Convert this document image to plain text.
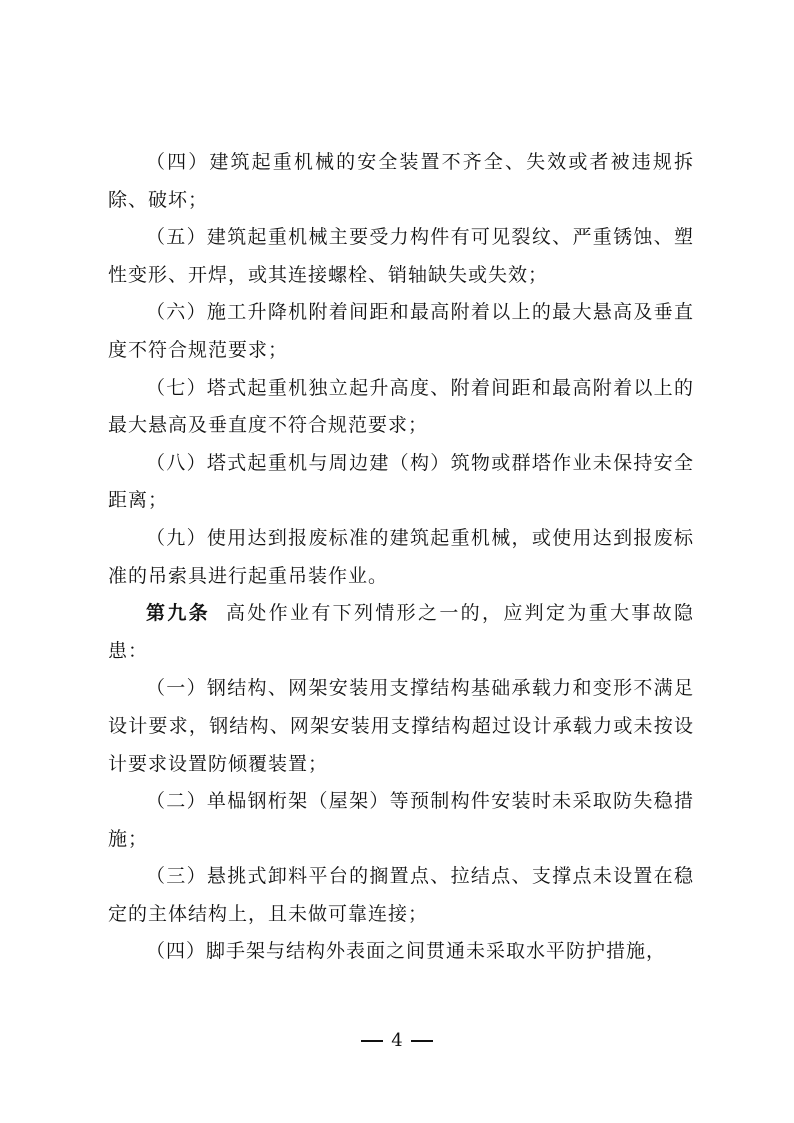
（四）建筑起重机械的安全装置不齐全、失效或者被违规拆除、破坏；

（五）建筑起重机械主要受力构件有可见裂纹、严重锈蚀、塑性变形、开焊，或其连接螺栓、销轴缺失或失效；

（六）施工升降机附着间距和最高附着以上的最大悬高及垂直度不符合规范要求；

（七）塔式起重机独立起升高度、附着间距和最高附着以上的最大悬高及垂直度不符合规范要求；

（八）塔式起重机与周边建（构）筑物或群塔作业未保持安全距离；

（九）使用达到报废标准的建筑起重机械，或使用达到报废标准的吊索具进行起重吊装作业。

第九条 高处作业有下列情形之一的，应判定为重大事故隐患：

（一）钢结构、网架安装用支撑结构基础承载力和变形不满足设计要求，钢结构、网架安装用支撑结构超过设计承载力或未按设计要求设置防倾覆装置；

（二）单榀钢桁架（屋架）等预制构件安装时未采取防失稳措施；

（三）悬挑式卸料平台的搁置点、拉结点、支撑点未设置在稳定的主体结构上，且未做可靠连接；

（四）脚手架与结构外表面之间贯通未采取水平防护措施，

4
